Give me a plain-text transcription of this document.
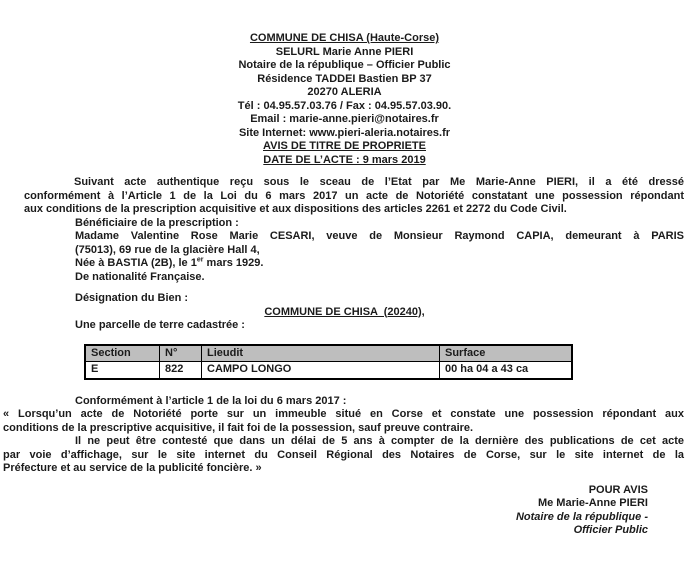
COMMUNE DE CHISA (Haute-Corse)
SELURL Marie Anne PIERI
Notaire de la république – Officier Public
Résidence TADDEI Bastien BP 37
20270 ALERIA
Tél : 04.95.57.03.76 / Fax : 04.95.57.03.90.
Email : marie-anne.pieri@notaires.fr
Site Internet: www.pieri-aleria.notaires.fr
AVIS DE TITRE DE PROPRIETE
DATE DE L’ACTE : 9 mars 2019
Suivant acte authentique reçu sous le sceau de l’Etat par Me Marie-Anne PIERI, il a été dressé
conformément à l’Article 1 de la Loi du 6 mars 2017 un acte de Notoriété constatant une possession répondant
aux conditions de la prescription acquisitive et aux dispositions des articles 2261 et 2272 du Code Civil.
Bénéficiaire de la prescription :
Madame Valentine Rose Marie CESARI, veuve de Monsieur Raymond CAPIA, demeurant à PARIS
(75013), 69 rue de la glacière Hall 4,
Née à BASTIA (2B), le 1er mars 1929.
De nationalité Française.
Désignation du Bien :
COMMUNE DE CHISA  (20240),
Une parcelle de terre cadastrée :
Section	N°	Lieudit	Surface
E	822	CAMPO LONGO	00 ha 04 a 43 ca
Conformément à l’article 1 de la loi du 6 mars 2017 :
« Lorsqu’un acte de Notoriété porte sur un immeuble situé en Corse et constate une possession répondant aux
conditions de la prescriptive acquisitive, il fait foi de la possession, sauf preuve contraire.
Il ne peut être contesté que dans un délai de 5 ans à compter de la dernière des publications de cet acte
par voie d’affichage, sur le site internet du Conseil Régional des Notaires de Corse, sur le site internet de la
Préfecture et au service de la publicité foncière. »
POUR AVIS
Me Marie-Anne PIERI
Notaire de la république -
Officier Public
